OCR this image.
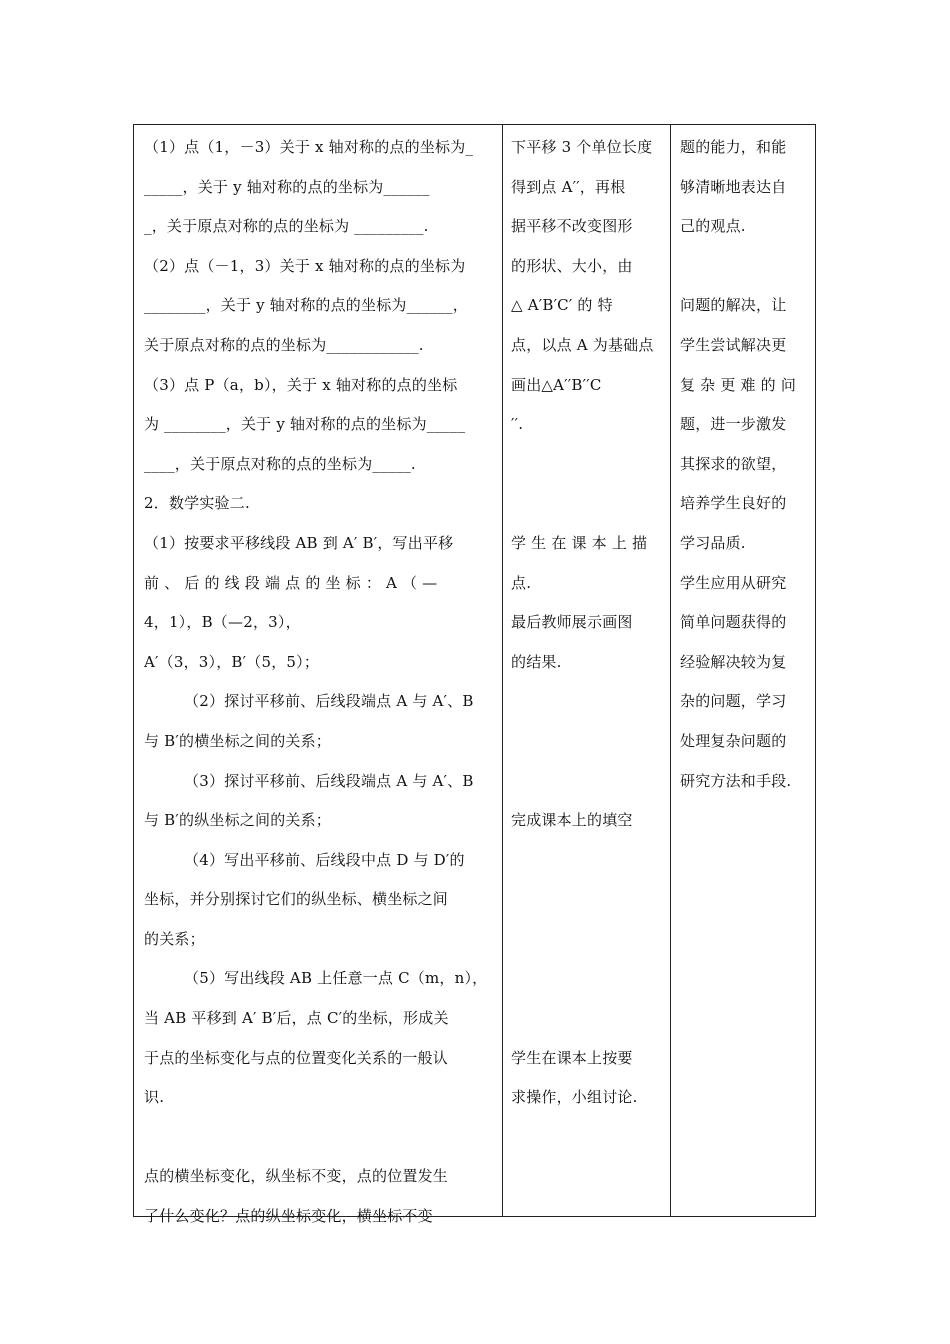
（1）点（1，－3）关于 x 轴对称的点的坐标为_
_____，关于 y 轴对称的点的坐标为______
_，关于原点对称的点的坐标为 _________.
（2）点（－1，3）关于 x 轴对称的点的坐标为
________，关于 y 轴对称的点的坐标为______，
关于原点对称的点的坐标为____________.
（3）点 P（a，b），关于 x 轴对称的点的坐标
为 ________，关于 y 轴对称的点的坐标为_____
____，关于原点对称的点的坐标为_____.
2．数学实验二.
（1）按要求平移线段 AB 到 A′ B′，写出平移
前 、 后 的 线 段 端 点 的 坐 标 ： A （ —
4，1），B（—2，3），
A′（3，3），B′（5，5）；
（2）探讨平移前、后线段端点 A 与 A′、B
与 B′的横坐标之间的关系；
（3）探讨平移前、后线段端点 A 与 A′、B
与 B′的纵坐标之间的关系；
（4）写出平移前、后线段中点 D 与 D′的
坐标，并分别探讨它们的纵坐标、横坐标之间
的关系；
（5）写出线段 AB 上任意一点 C（m，n），
当 AB 平移到 A′ B′后，点 C′的坐标，形成关
于点的坐标变化与点的位置变化关系的一般认
识.
点的横坐标变化，纵坐标不变，点的位置发生
了什么变化？点的纵坐标变化，横坐标不变
下平移 3 个单位长度
得到点 A′′，再根
据平移不改变图形
的形状、大小，由
△ A′B′C′ 的 特
点，以点 A 为基础点
画出△A′′B′′C
′′.
学 生 在 课 本 上 描
点.
最后教师展示画图
的结果.
完成课本上的填空
学生在课本上按要
求操作，小组讨论.
题的能力，和能
够清晰地表达自
己的观点.
问题的解决，让
学生尝试解决更
复 杂 更 难 的 问
题，进一步激发
其探求的欲望，
培养学生良好的
学习品质.
学生应用从研究
简单问题获得的
经验解决较为复
杂的问题，学习
处理复杂问题的
研究方法和手段.
